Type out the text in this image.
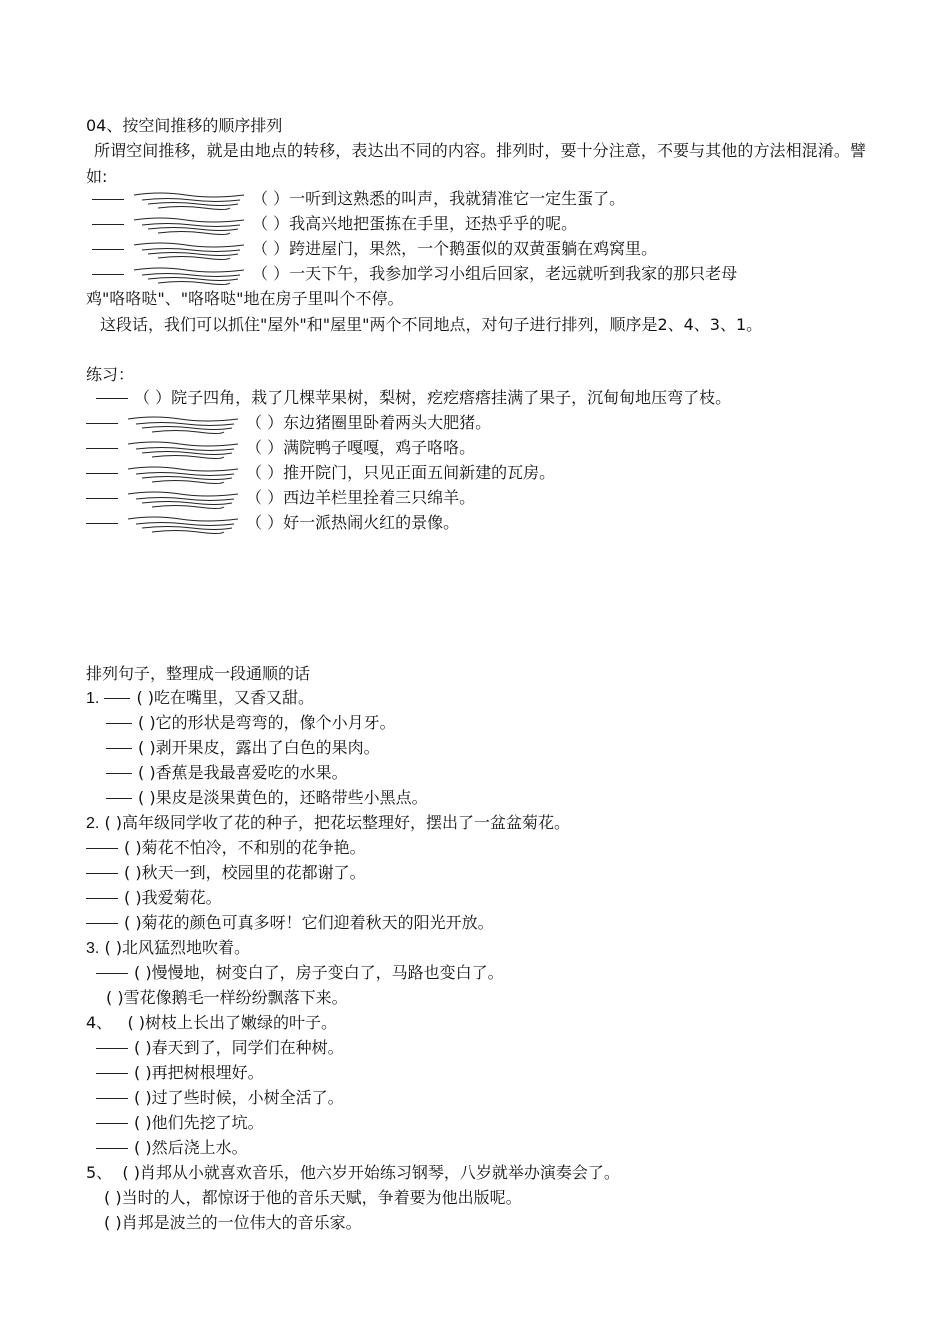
04、按空间推移的顺序排列
所谓空间推移，就是由地点的转移，表达出不同的内容。排列时，要十分注意，不要与其他的方法相混淆。譬如:
（ ）一听到这熟悉的叫声，我就猜准它一定生蛋了。
（ ）我高兴地把蛋拣在手里，还热乎乎的呢。
（ ）跨进屋门，果然，一个鹅蛋似的双黄蛋躺在鸡窝里。
（ ）一天下午，我参加学习小组后回家，老远就听到我家的那只老母
鸡"咯咯哒"、"咯咯哒"地在房子里叫个不停。
这段话，我们可以抓住"屋外"和"屋里"两个不同地点，对句子进行排列，顺序是2、4、3、1。
练习：
（ ）院子四角，栽了几棵苹果树，梨树，疙疙瘩瘩挂满了果子，沉甸甸地压弯了枝。
（ ）东边猪圈里卧着两头大肥猪。
（ ）满院鸭子嘎嘎，鸡子咯咯。
（ ）推开院门，只见正面五间新建的瓦房。
（ ）西边羊栏里拴着三只绵羊。
（ ）好一派热闹火红的景像。
排列句子，整理成一段通顺的话
1. ( )吃在嘴里，又香又甜。
( )它的形状是弯弯的，像个小月牙。
( )剥开果皮，露出了白色的果肉。
( )香蕉是我最喜爱吃的水果。
( )果皮是淡果黄色的，还略带些小黑点。
2. ( )高年级同学收了花的种子，把花坛整理好，摆出了一盆盆菊花。
( )菊花不怕冷，不和别的花争艳。
( )秋天一到，校园里的花都谢了。
( )我爱菊花。
( )菊花的颜色可真多呀！它们迎着秋天的阳光开放。
3. ( )北风猛烈地吹着。
( )慢慢地，树变白了，房子变白了，马路也变白了。
( )雪花像鹅毛一样纷纷飘落下来。
4、 ( )树枝上长出了嫩绿的叶子。
( )春天到了，同学们在种树。
( )再把树根埋好。
( )过了些时候，小树全活了。
( )他们先挖了坑。
( )然后浇上水。
5、 ( )肖邦从小就喜欢音乐，他六岁开始练习钢琴，八岁就举办演奏会了。
( )当时的人，都惊讶于他的音乐天赋，争着要为他出版呢。
( )肖邦是波兰的一位伟大的音乐家。
